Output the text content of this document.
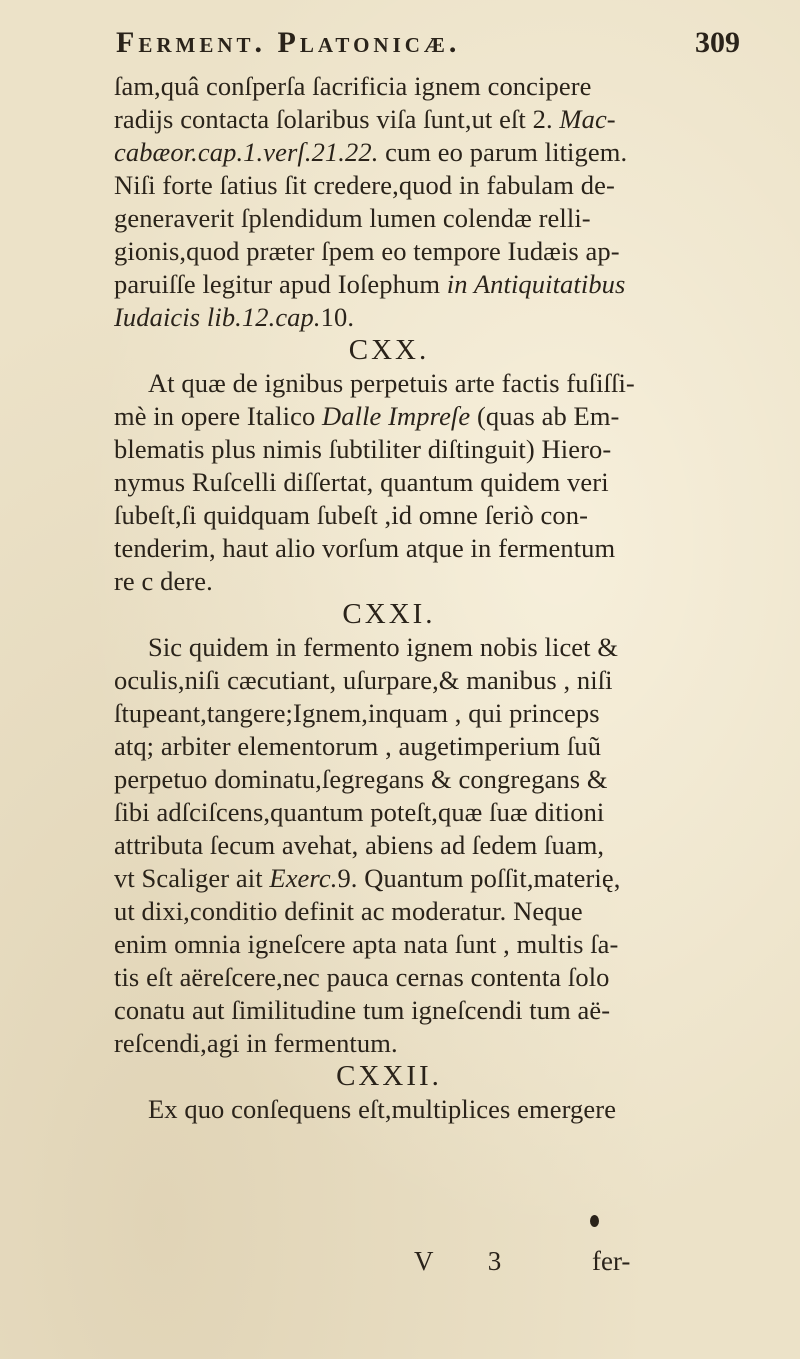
Ferment. Platonicæ.	309
ſam,quâ conſperſa ſacrificia ignem concipere
radijs contacta ſolaribus viſa ſunt,ut eſt 2. Mac-
cabæor.cap.1.verſ.21.22. cum eo parum litigem.
Niſi forte ſatius ſit credere,quod in fabulam de-
generaverit ſplendidum lumen colendæ relli-
gionis,quod præter ſpem eo tempore Iudæis ap-
paruiſſe legitur apud Ioſephum in Antiquitatibus
Iudaicis lib.12.cap.10.
CXX.
At quæ de ignibus perpetuis arte factis fuſiſſi-
mè in opere Italico Dalle Impreſe (quas ab Em-
blematis plus nimis ſubtiliter diſtinguit) Hiero-
nymus Ruſcelli diſſertat, quantum quidem veri
ſubeſt,ſi quidquam ſubeſt ,id omne ſeriò con-
tenderim, haut alio vorſum atque in fermentum
re c dere.
CXXI.
Sic quidem in fermento ignem nobis licet &
oculis,niſi cæcutiant, uſurpare,& manibus , niſi
ſtupeant,tangere;Ignem,inquam , qui princeps
atq; arbiter elementorum , augetimperium ſuũ
perpetuo dominatu,ſegregans & congregans &
ſibi adſciſcens,quantum poteſt,quæ ſuæ ditioni
attributa ſecum avehat, abiens ad ſedem ſuam,
vt Scaliger ait Exerc.9. Quantum poſſit,materię,
ut dixi,conditio definit ac moderatur. Neque
enim omnia igneſcere apta nata ſunt , multis ſa-
tis eſt aëreſcere,nec pauca cernas contenta ſolo
conatu aut ſimilitudine tum igneſcendi tum aë-
reſcendi,agi in fermentum.
CXXII.
Ex quo conſequens eſt,multiplices emergere
V 3 fer-
